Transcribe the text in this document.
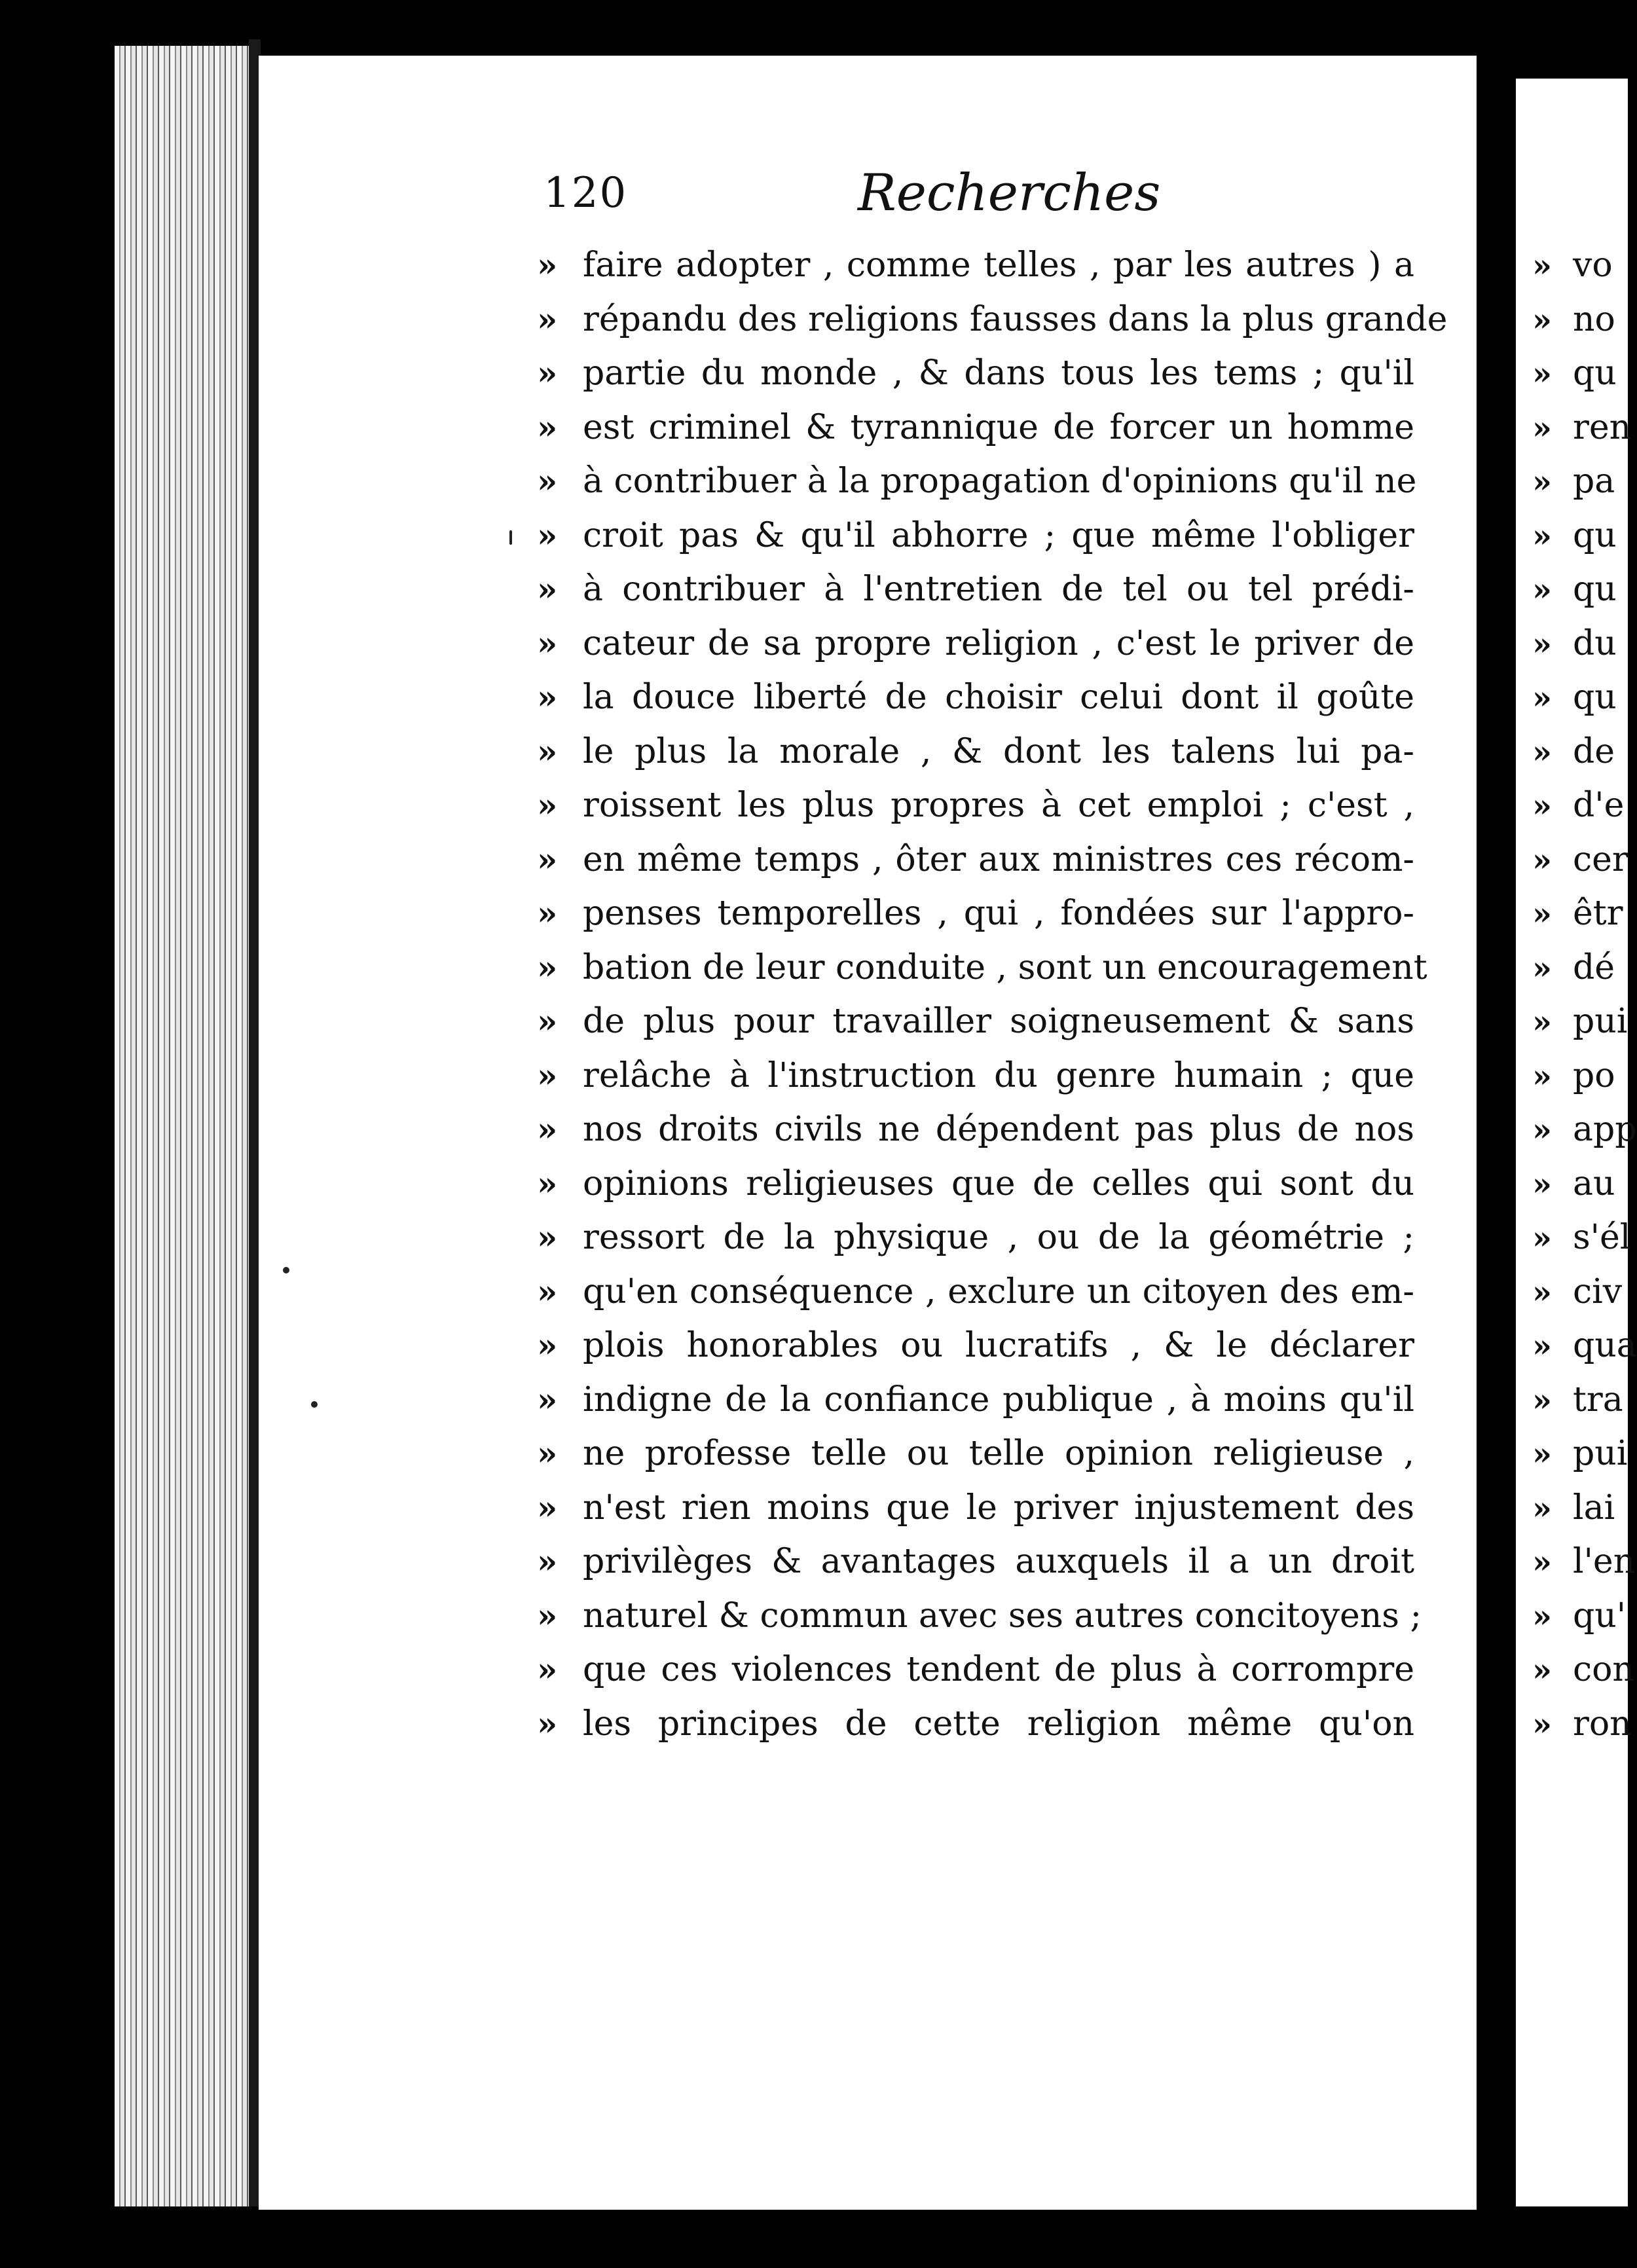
120	Recherches
» faire adopter , comme telles , par les autres ) a
» répandu des religions fausses dans la plus grande
» partie du monde , & dans tous les tems ; qu'il
» est criminel & tyrannique de forcer un homme
» à contribuer à la propagation d'opinions qu'il ne
» croit pas & qu'il abhorre ; que même l'obliger
» à contribuer à l'entretien de tel ou tel prédi-
» cateur de sa propre religion , c'est le priver de
» la douce liberté de choisir celui dont il goûte
» le plus la morale , & dont les talens lui pa-
» roissent les plus propres à cet emploi ; c'est ,
» en même temps , ôter aux ministres ces récom-
» penses temporelles , qui , fondées sur l'appro-
» bation de leur conduite , sont un encouragement
» de plus pour travailler soigneusement & sans
» relâche à l'instruction du genre humain ; que
» nos droits civils ne dépendent pas plus de nos
» opinions religieuses que de celles qui sont du
» ressort de la physique , ou de la géométrie ;
» qu'en conséquence , exclure un citoyen des em-
» plois honorables ou lucratifs , & le déclarer
» indigne de la confiance publique , à moins qu'il
» ne professe telle ou telle opinion religieuse ,
» n'est rien moins que le priver injustement des
» privilèges & avantages auxquels il a un droit
» naturel & commun avec ses autres concitoyens ;
» que ces violences tendent de plus à corrompre
» les principes de cette religion même qu'on
» vo
» no
» qu
» ren
» pa
» qu
» qu
» du
» qu
» de
» d'e
» cer
» êtr
» dé
» pui
» po
» app
» au
» s'él
» civ
» qua
» tra
» pui
» lai
» l'en
» qu'
» con
» ron
